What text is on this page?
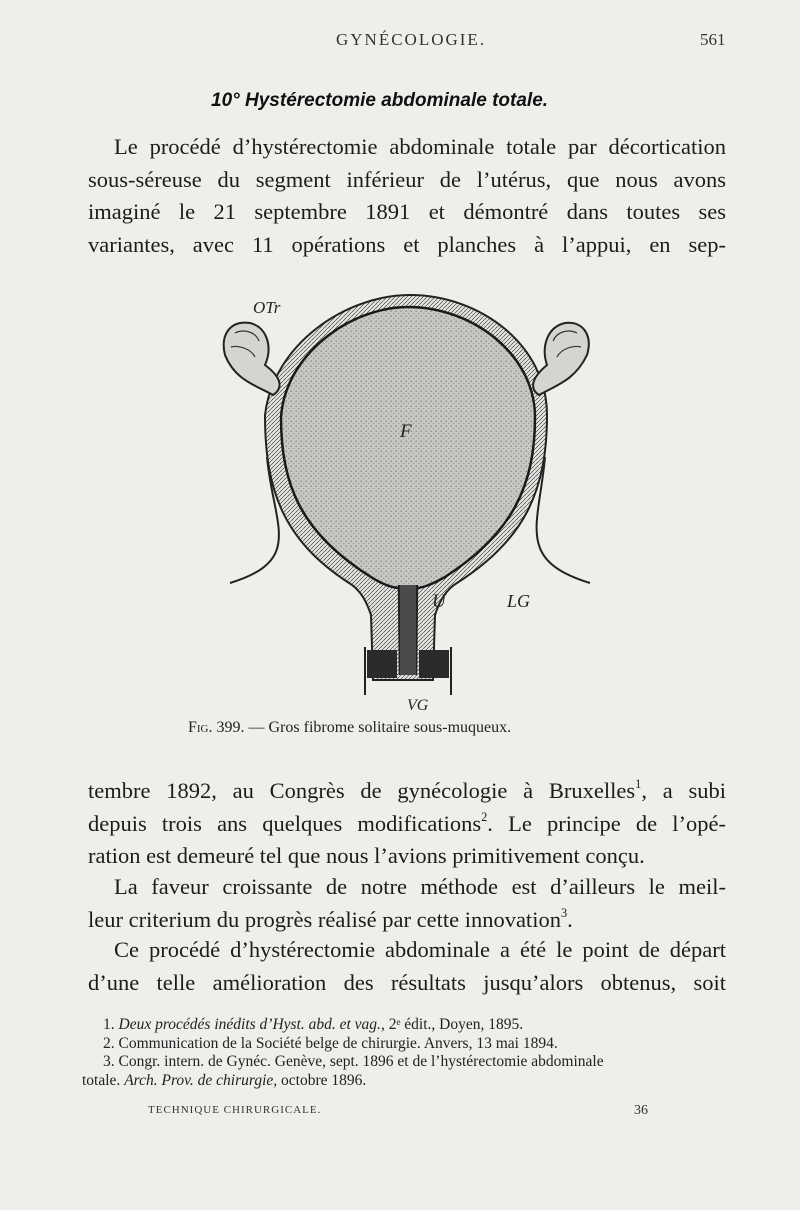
GYNÉCOLOGIE.	561
10° Hystérectomie abdominale totale.
Le procédé d’hystérectomie abdominale totale par décortication
sous-séreuse du segment inférieur de l’utérus, que nous avons
imaginé le 21 septembre 1891 et démontré dans toutes ses
variantes, avec 11 opérations et planches à l’appui, en sep-
OTr
F
U	LG
VG
Fig. 399. — Gros fibrome solitaire sous-muqueux.
tembre 1892, au Congrès de gynécologie à Bruxelles$^1$, a subi
depuis trois ans quelques modifications$^2$. Le principe de l’opé-
ration est demeuré tel que nous l’avions primitivement conçu.
La faveur croissante de notre méthode est d’ailleurs le meil-
leur criterium du progrès réalisé par cette innovation$^3$.
Ce procédé d’hystérectomie abdominale a été le point de départ
d’une telle amélioration des résultats jusqu’alors obtenus, soit
1. Deux procédés inédits d’Hyst. abd. et vag., 2ᵉ édit., Doyen, 1895.
2. Communication de la Société belge de chirurgie. Anvers, 13 mai 1894.
3. Congr. intern. de Gynéc. Genève, sept. 1896 et de l’hystérectomie abdominale
totale. Arch. Prov. de chirurgie, octobre 1896.
TECHNIQUE CHIRURGICALE.	36
